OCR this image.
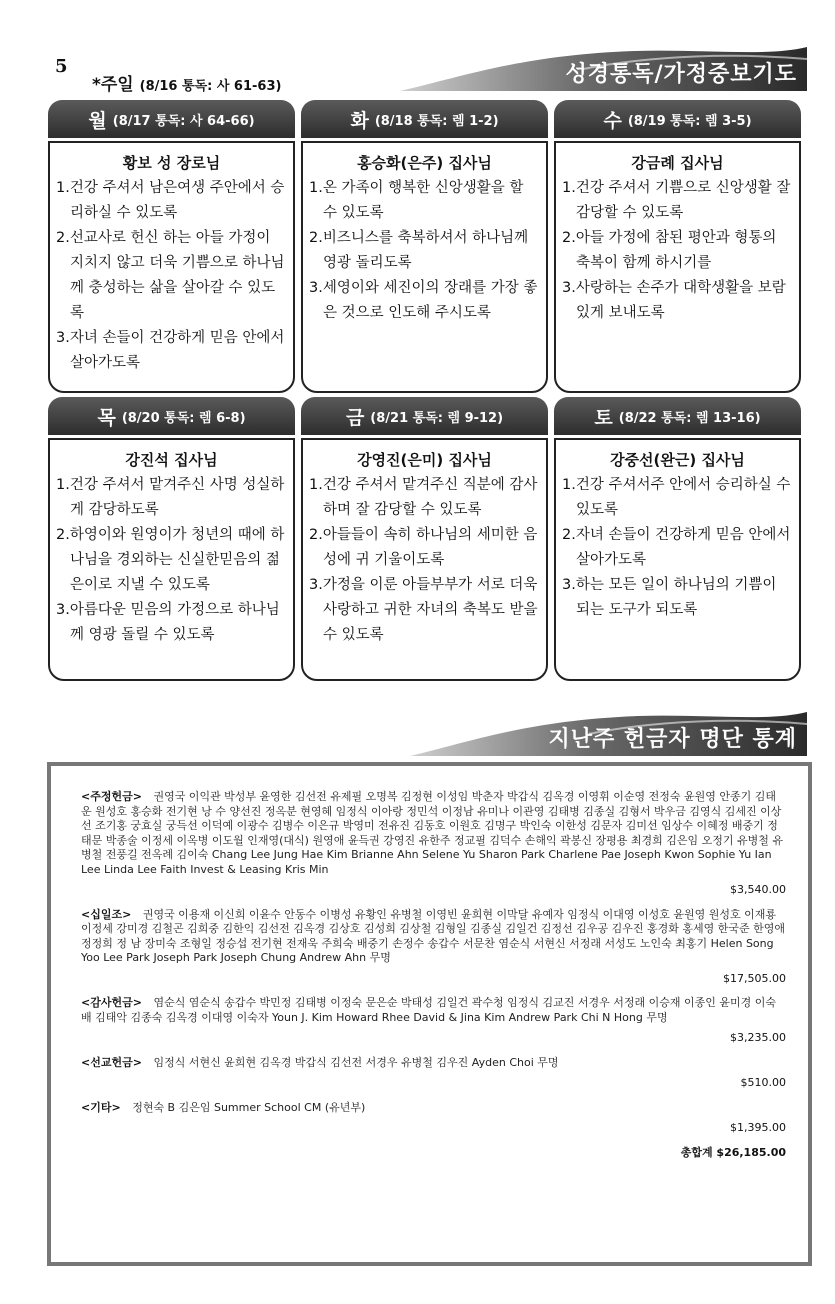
5
*주일 (8/16 통독: 사 61-63)	성경통독/가정중보기도
월 (8/17 통독: 사 64-66)
황보 성 장로님

1.건강 주셔서 남은여생 주안에서 승리하실 수 있도록

2.선교사로 헌신 하는 아들 가정이 지치지 않고 더욱 기쁨으로 하나님께 충성하는 삶을 살아갈 수 있도록

3.자녀 손들이 건강하게 믿음 안에서 살아가도록

화 (8/18 통독: 렘 1-2)
홍승화(은주) 집사님

1.온 가족이 행복한 신앙생활을 할 수 있도록

2.비즈니스를 축복하셔서 하나님께 영광 돌리도록

3.세영이와 세진이의 장래를 가장 좋은 것으로 인도해 주시도록

수 (8/19 통독: 렘 3-5)
강금례 집사님

1.건강 주셔서 기쁨으로 신앙생활 잘 감당할 수 있도록

2.아들 가정에 참된 평안과 형통의 축복이 함께 하시기를

3.사랑하는 손주가 대학생활을 보람있게 보내도록

목 (8/20 통독: 렘 6-8)
강진석 집사님

1.건강 주셔서 맡겨주신 사명 성실하게 감당하도록

2.하영이와 원영이가 청년의 때에 하나님을 경외하는 신실한믿음의 젊은이로 지낼 수 있도록

3.아름다운 믿음의 가정으로 하나님께 영광 돌릴 수 있도록

금 (8/21 통독: 렘 9-12)
강영진(은미) 집사님

1.건강 주셔서 맡겨주신 직분에 감사하며 잘 감당할 수 있도록

2.아들들이 속히 하나님의 세미한 음성에 귀 기울이도록

3.가정을 이룬 아들부부가 서로 더욱 사랑하고 귀한 자녀의 축복도 받을 수 있도록

토 (8/22 통독: 렘 13-16)
강중선(완근) 집사님

1.건강 주셔서주 안에서 승리하실 수 있도록

2.자녀 손들이 건강하게 믿음 안에서 살아가도록

3.하는 모든 일이 하나님의 기쁨이 되는 도구가 되도록

지난주 헌금자 명단 통계
<주정헌금> 권영국 이익관 박성부 윤영한 김선전 유제필 오명복 김정현 이성임 박춘자 박갑식 김옥경 이영휘 이순영 전정숙 윤원영 안종기 김태운 원성호 홍승화 전기현 낭 수 양선진 정옥분 현영혜 임정식 이아랑 정민석 이정남 유미나 이관영 김태병 김종실 김형서 박우금 김영식 김세진 이상선 조기홍 궁효실 궁득선 이덕예 이광수 김병수 이은규 박영미 전유진 김동호 이원호 김명구 박인숙 이한성 김문자 김미선 임상수 이혜정 배중기 정태문 박종술 이정세 이옥병 이도월 인재영(대식) 원영애 윤득권 강영진 유한주 정교필 김덕수 손해익 곽봉신 장평용 최경희 김은임 오정기 유병철 유병철 전풍길 전옥례 김이숙 Chang Lee Jung Hae Kim Brianne Ahn Selene Yu Sharon Park Charlene Pae Joseph Kwon Sophie Yu Ian Lee Linda Lee Faith Invest & Leasing Kris Min
$3,540.00
<십일조> 권영국 이용재 이신희 이윤수 안동수 이병성 유황인 유병철 이영빈 윤희현 이막달 유예자 임정식 이대영 이성호 윤원영 원성호 이재룡 이정세 강미경 김철곤 김희중 김한익 김선전 김옥경 김상호 김성희 김상철 김형일 김종실 김일건 김정선 김우공 김우진 홍경화 홍세영 한국준 한영애 정정희 정 남 장미숙 조형일 정승섭 전기현 전재욱 주희숙 배중기 손정수 송갑수 서문찬 염순식 서현신 서정래 서성도 노인숙 최홍기 Helen Song Yoo Lee Park Joseph Park Joseph Chung Andrew Ahn 무명
$17,505.00
<감사헌금> 염순식 염순식 송갑수 박민정 김태병 이정숙 문은순 박태성 김일건 곽수청 임정식 김교진 서경우 서정래 이승재 이종인 윤미경 이숙배 김태악 김종숙 김옥경 이대영 이숙자 Youn J. Kim Howard Rhee David & Jina Kim Andrew Park Chi N Hong 무명
$3,235.00
<선교헌금> 임정식 서현신 윤희현 김옥경 박갑식 김선전 서경우 유병철 김우진 Ayden Choi 무명
$510.00
<기타> 정현숙 B 김은임 Summer School CM (유년부)
$1,395.00
총합계 $26,185.00
